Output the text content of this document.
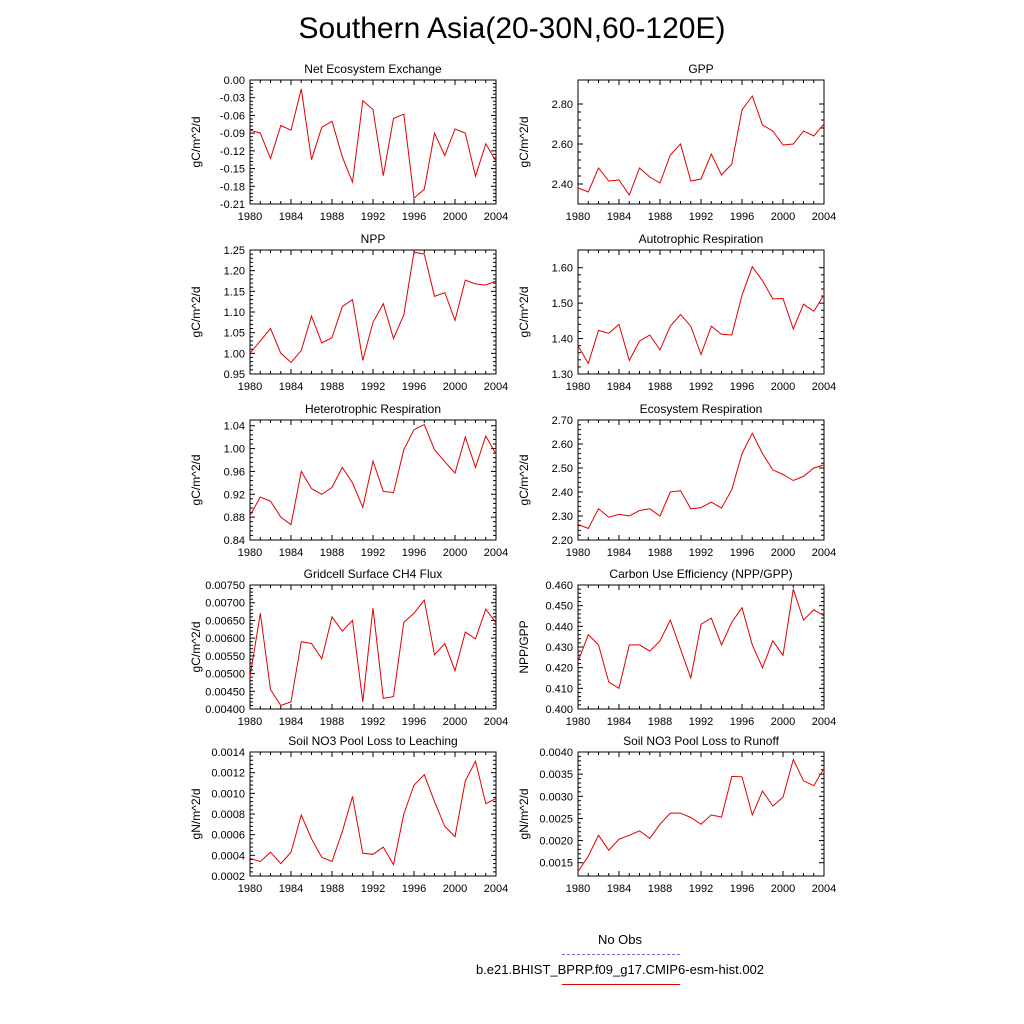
Southern Asia(20-30N,60-120E)
Net Ecosystem Exchange
gC/m^2/d
1980 1984 1988 1992 1996 2000 2004
0.00
-0.03
-0.06
-0.09
-0.12
-0.15
-0.18
-0.21
GPP
gC/m^2/d
1980 1984 1988 1992 1996 2000 2004
2.40
2.60
2.80
NPP
gC/m^2/d
1980 1984 1988 1992 1996 2000 2004
0.95
1.00
1.05
1.10
1.15
1.20
1.25
Autotrophic Respiration
gC/m^2/d
1980 1984 1988 1992 1996 2000 2004
1.30
1.40
1.50
1.60
Heterotrophic Respiration
gC/m^2/d
1980 1984 1988 1992 1996 2000 2004
0.84
0.88
0.92
0.96
1.00
1.04
Ecosystem Respiration
gC/m^2/d
1980 1984 1988 1992 1996 2000 2004
2.20
2.30
2.40
2.50
2.60
2.70
Gridcell Surface CH4 Flux
gC/m^2/d
1980 1984 1988 1992 1996 2000 2004
0.00400
0.00450
0.00500
0.00550
0.00600
0.00650
0.00700
0.00750
Carbon Use Efficiency (NPP/GPP)
NPP/GPP
1980 1984 1988 1992 1996 2000 2004
0.400
0.410
0.420
0.430
0.440
0.450
0.460
Soil NO3 Pool Loss to Leaching
gN/m^2/d
1980 1984 1988 1992 1996 2000 2004
0.0002
0.0004
0.0006
0.0008
0.0010
0.0012
0.0014
Soil NO3 Pool Loss to Runoff
gN/m^2/d
1980 1984 1988 1992 1996 2000 2004
0.0015
0.0020
0.0025
0.0030
0.0035
0.0040
No Obs
b.e21.BHIST_BPRP.f09_g17.CMIP6-esm-hist.002
